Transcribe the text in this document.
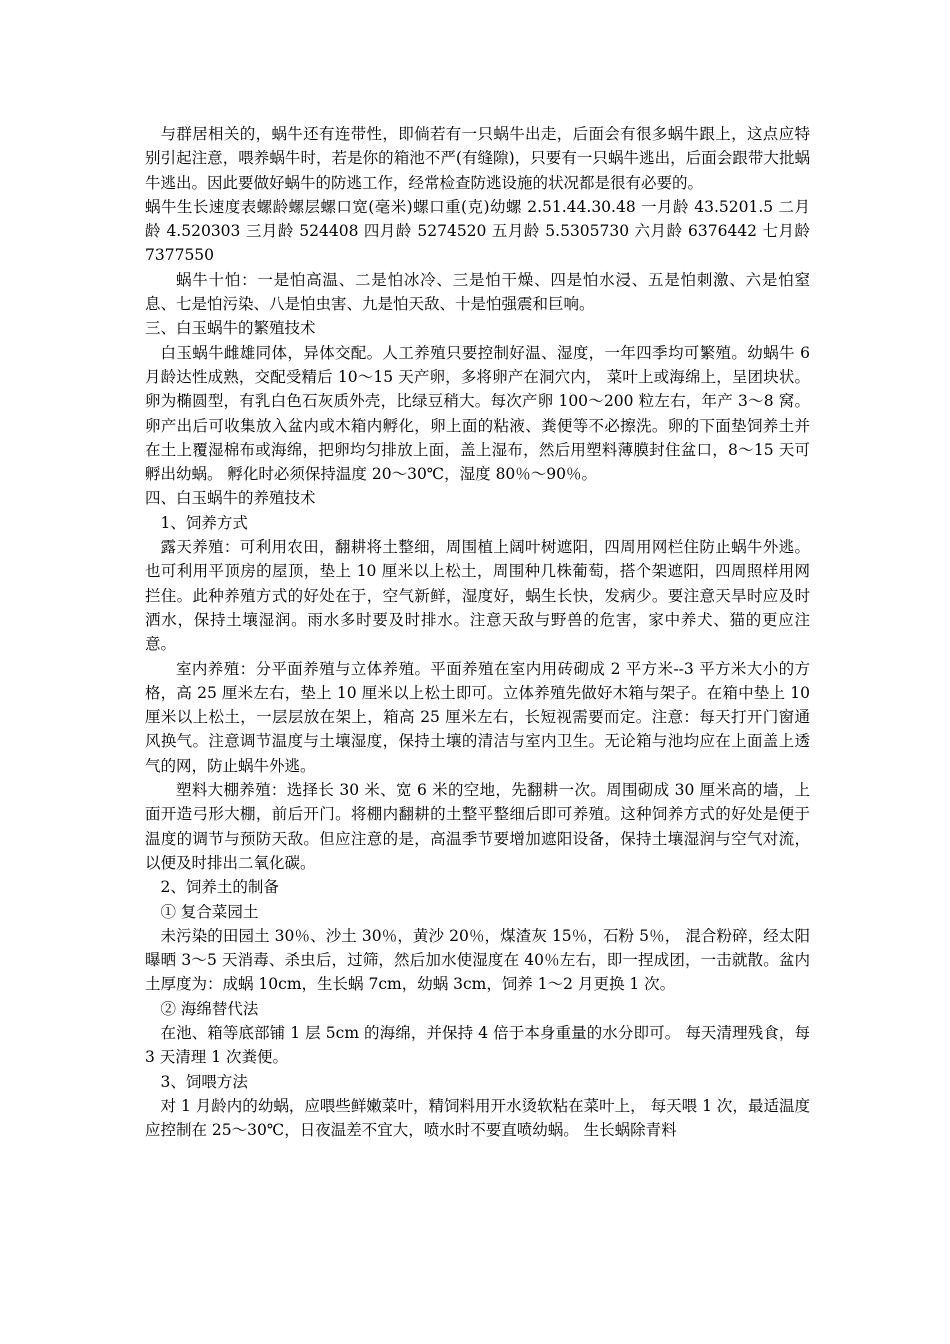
与群居相关的，蜗牛还有连带性，即倘若有一只蜗牛出走，后面会有很多蜗牛跟上，这点应特别引起注意，喂养蜗牛时，若是你的箱池不严(有缝隙)，只要有一只蜗牛逃出，后面会跟带大批蜗牛逃出。因此要做好蜗牛的防逃工作，经常检查防逃设施的状况都是很有必要的。

蜗牛生长速度表螺龄螺层螺口宽(毫米)螺口重(克)幼螺 2.51.44.30.48 一月龄 43.5201.5 二月龄 4.520303 三月龄 524408 四月龄 5274520 五月龄 5.5305730 六月龄 6376442 七月龄 7377550

蜗牛十怕：一是怕高温、二是怕冰冷、三是怕干燥、四是怕水浸、五是怕刺激、六是怕窒息、七是怕污染、八是怕虫害、九是怕天敌、十是怕强震和巨响。

三、白玉蜗牛的繁殖技术

白玉蜗牛雌雄同体，异体交配。人工养殖只要控制好温、湿度，一年四季均可繁殖。幼蜗牛 6 月龄达性成熟，交配受精后 10～15 天产卵，多将卵产在洞穴内， 菜叶上或海绵上，呈团块状。卵为椭圆型，有乳白色石灰质外壳，比绿豆稍大。每次产卵 100～200 粒左右，年产 3～8 窝。卵产出后可收集放入盆内或木箱内孵化，卵上面的粘液、粪便等不必擦洗。卵的下面垫饲养土并在土上覆湿棉布或海绵，把卵均匀排放上面，盖上湿布，然后用塑料薄膜封住盆口，8～15 天可孵出幼蜗。 孵化时必须保持温度 20～30℃，湿度 80％～90％。

四、白玉蜗牛的养殖技术

1、饲养方式

露天养殖：可利用农田，翻耕将土整细，周围植上阔叶树遮阳，四周用网栏住防止蜗牛外逃。也可利用平顶房的屋顶，垫上 10 厘米以上松土，周围种几株葡萄，搭个架遮阳，四周照样用网拦住。此种养殖方式的好处在于，空气新鲜，湿度好，蜗生长快，发病少。要注意天旱时应及时洒水，保持土壤湿润。雨水多时要及时排水。注意天敌与野兽的危害，家中养犬、猫的更应注意。

室内养殖：分平面养殖与立体养殖。平面养殖在室内用砖砌成 2 平方米--3 平方米大小的方格，高 25 厘米左右，垫上 10 厘米以上松土即可。立体养殖先做好木箱与架子。在箱中垫上 10 厘米以上松土，一层层放在架上，箱高 25 厘米左右，长短视需要而定。注意：每天打开门窗通风换气。注意调节温度与土壤湿度，保持土壤的清洁与室内卫生。无论箱与池均应在上面盖上透气的网，防止蜗牛外逃。

塑料大棚养殖：选择长 30 米、宽 6 米的空地，先翻耕一次。周围砌成 30 厘米高的墙，上面开造弓形大棚，前后开门。将棚内翻耕的土整平整细后即可养殖。这种饲养方式的好处是便于温度的调节与预防天敌。但应注意的是，高温季节要增加遮阳设备，保持土壤湿润与空气对流，以便及时排出二氧化碳。

2、饲养土的制备

① 复合菜园土

未污染的田园土 30％、沙土 30％，黄沙 20％，煤渣灰 15％，石粉 5％， 混合粉碎，经太阳曝晒 3～5 天消毒、杀虫后，过筛，然后加水使湿度在 40％左右，即一捏成团，一击就散。盆内土厚度为：成蜗 10cm，生长蜗 7cm，幼蜗 3cm，饲养 1～2 月更换 1 次。

② 海绵替代法

在池、箱等底部铺 1 层 5cm 的海绵，并保持 4 倍于本身重量的水分即可。 每天清理残食，每 3 天清理 1 次粪便。

3、饲喂方法

对 1 月龄内的幼蜗，应喂些鲜嫩菜叶，精饲料用开水烫软粘在菜叶上， 每天喂 1 次，最适温度应控制在 25～30℃，日夜温差不宜大，喷水时不要直喷幼蜗。 生长蜗除青料
